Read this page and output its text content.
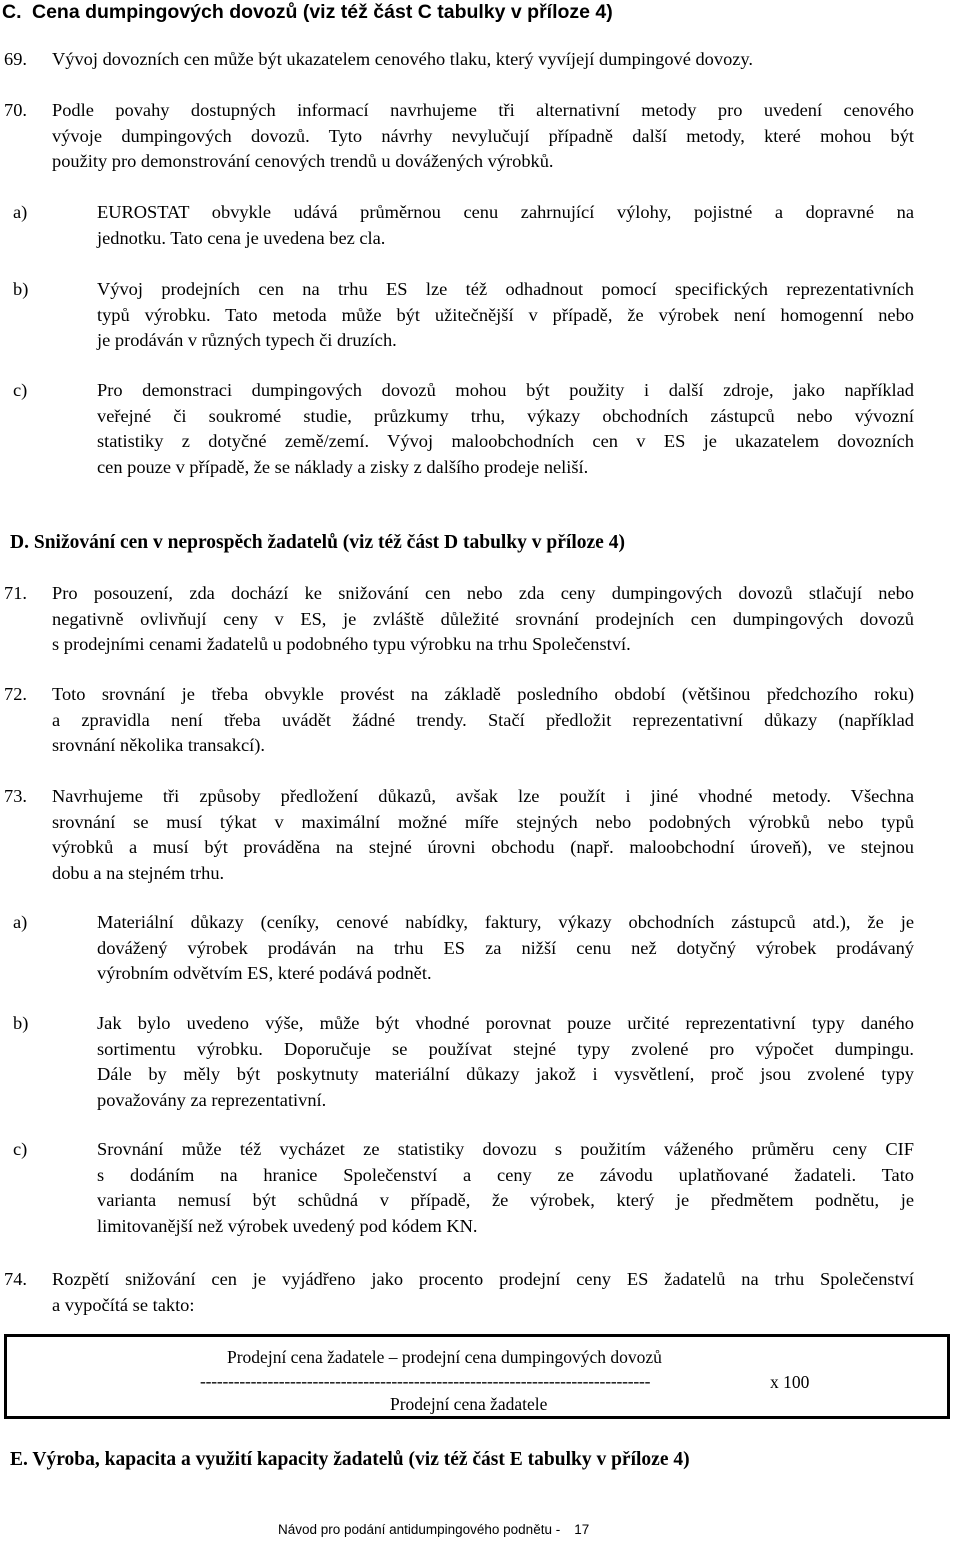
C. Cena dumpingových dovozů (viz též část C tabulky v příloze 4)
69.	Vývoj dovozních cen může být ukazatelem cenového tlaku, který vyvíjejí dumpingové dovozy.
70.	Podle povahy dostupných informací navrhujeme tři alternativní metody pro uvedení cenového
vývoje dumpingových dovozů. Tyto návrhy nevylučují případně další metody, které mohou být
použity pro demonstrování cenových trendů u dovážených výrobků.
a)	EUROSTAT obvykle udává průměrnou cenu zahrnující výlohy, pojistné a dopravné na
jednotku. Tato cena je uvedena bez cla.
b)	Vývoj prodejních cen na trhu ES lze též odhadnout pomocí specifických reprezentativních
typů výrobku. Tato metoda může být užitečnější v případě, že výrobek není homogenní nebo
je prodáván v různých typech či druzích.
c)	Pro demonstraci dumpingových dovozů mohou být použity i další zdroje, jako například
veřejné či soukromé studie, průzkumy trhu, výkazy obchodních zástupců nebo vývozní
statistiky z dotyčné země/zemí. Vývoj maloobchodních cen v ES je ukazatelem dovozních
cen pouze v případě, že se náklady a zisky z dalšího prodeje neliší.
D. Snižování cen v neprospěch žadatelů (viz též část D tabulky v příloze 4)
71.	Pro posouzení, zda dochází ke snižování cen nebo zda ceny dumpingových dovozů stlačují nebo
negativně ovlivňují ceny v ES, je zvláště důležité srovnání prodejních cen dumpingových dovozů
s prodejními cenami žadatelů u podobného typu výrobku na trhu Společenství.
72.	Toto srovnání je třeba obvykle provést na základě posledního období (většinou předchozího roku)
a zpravidla není třeba uvádět žádné trendy. Stačí předložit reprezentativní důkazy (například
srovnání několika transakcí).
73.	Navrhujeme tři způsoby předložení důkazů, avšak lze použít i jiné vhodné metody. Všechna
srovnání se musí týkat v maximální možné míře stejných nebo podobných výrobků nebo typů
výrobků a musí být prováděna na stejné úrovni obchodu (např. maloobchodní úroveň), ve stejnou
dobu a na stejném trhu.
a)	Materiální důkazy (ceníky, cenové nabídky, faktury, výkazy obchodních zástupců atd.), že je
dovážený výrobek prodáván na trhu ES za nižší cenu než dotyčný výrobek prodávaný
výrobním odvětvím ES, které podává podnět.
b)	Jak bylo uvedeno výše, může být vhodné porovnat pouze určité reprezentativní typy daného
sortimentu výrobku. Doporučuje se používat stejné typy zvolené pro výpočet dumpingu.
Dále by měly být poskytnuty materiální důkazy jakož i vysvětlení, proč jsou zvolené typy
považovány za reprezentativní.
c)	Srovnání může též vycházet ze statistiky dovozu s použitím váženého průměru ceny CIF
s dodáním na hranice Společenství a ceny ze závodu uplatňované žadateli. Tato
varianta nemusí být schůdná v případě, že výrobek, který je předmětem podnětu, je
limitovanější než výrobek uvedený pod kódem KN.
74.	Rozpětí snižování cen je vyjádřeno jako procento prodejní ceny ES žadatelů na trhu Společenství
a vypočítá se takto:
Prodejní cena žadatele – prodejní cena dumpingových dovozů
--------------------------------------------------------------------------------
Prodejní cena žadatele
x 100
E. Výroba, kapacita a využití kapacity žadatelů (viz též část E tabulky v příloze 4)
Návod pro podání antidumpingového podnětu - 17
